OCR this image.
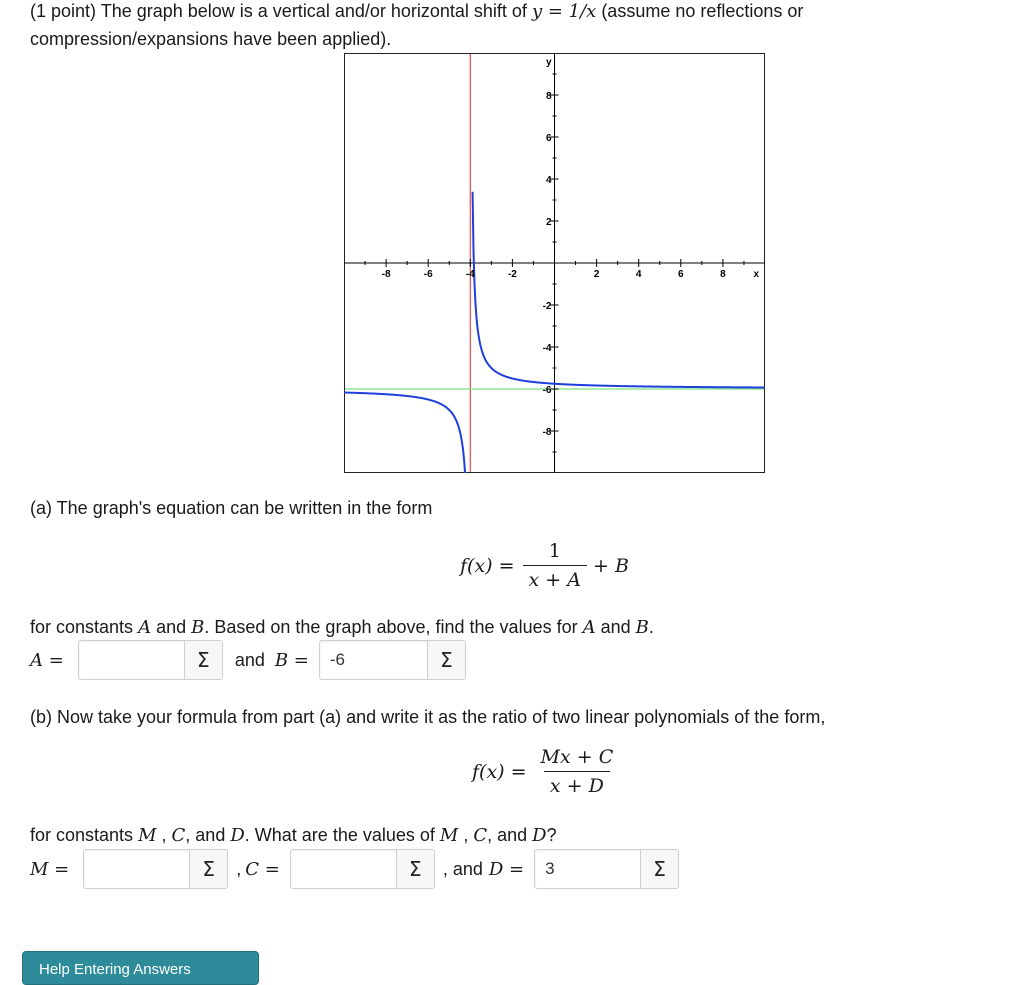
(1 point) The graph below is a vertical and/or horizontal shift of y = 1/x (assume no reflections or
compression/expansions have been applied).
-8	-6	-4	-2	2	4	6	8
8
6
4
2
-2
-4
-6
-8
x
y
(a) The graph's equation can be written in the form
$f(x) = \frac{1}{x + A} + B$
for constants A and B. Based on the graph above, find the values for A and B.
A =	Σ	and B =
-6	Σ
(b) Now take your formula from part (a) and write it as the ratio of two linear polynomials of the form,
$f(x) = \frac{Mx + C}{x + D}$
for constants M , C, and D. What are the values of M , C, and D?
M =	Σ	, C =	Σ	, and D =
3	Σ
Help Entering Answers
